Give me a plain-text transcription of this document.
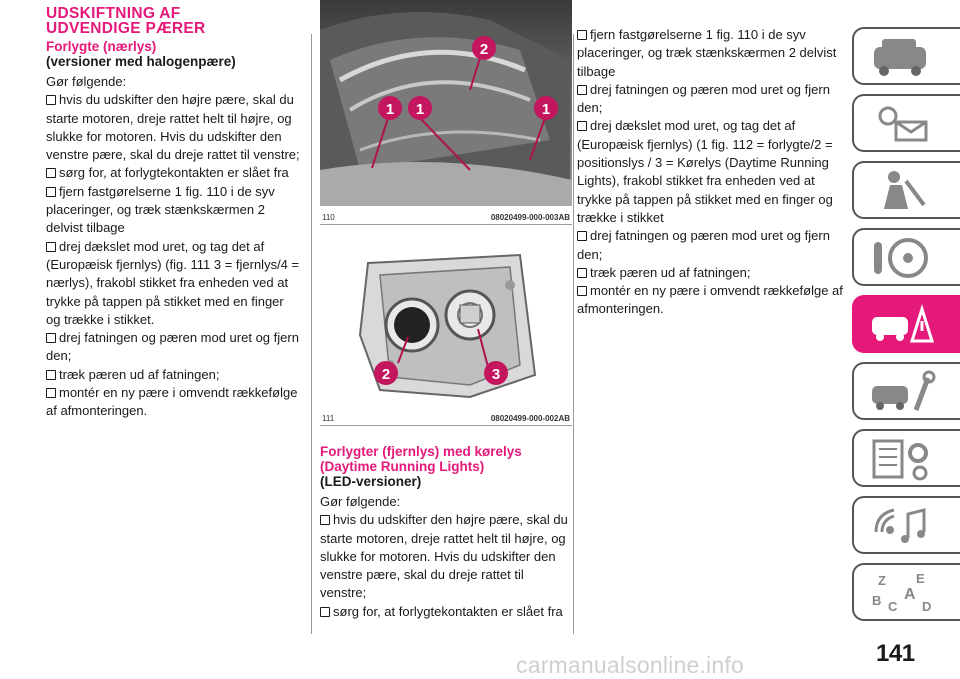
UDSKIFTNING AF
UDVENDIGE PÆRER
Forlygte (nærlys)
(versioner med halogenpære)

Gør følgende:

hvis du udskifter den højre pære, skal du starte motoren, dreje rattet helt til højre, og slukke for motoren. Hvis du udskifter den venstre pære, skal du dreje rattet til venstre;

sørg for, at forlygtekontakten er slået fra

fjern fastgørelserne 1 fig. 110 i de syv placeringer, og træk stænkskærmen 2 delvist tilbage

drej dækslet mod uret, og tag det af (Europæisk fjernlys) (fig. 111 3 = fjernlys/4 = nærlys), frakobl stikket fra enheden ved at trykke på tappen på stikket med en finger og trække i stikket.

drej fatningen og pæren mod uret og fjern den;

træk pæren ud af fatningen;

montér en ny pære i omvendt rækkefølge af afmonteringen.

2
1 1	1
110	08020499-000-003AB
2	3
111	08020499-000-002AB
Forlygter (fjernlys) med kørelys (Daytime Running Lights)
(LED-versioner)

Gør følgende:

hvis du udskifter den højre pære, skal du starte motoren, dreje rattet helt til højre, og slukke for motoren. Hvis du udskifter den venstre pære, skal du dreje rattet til venstre;

sørg for, at forlygtekontakten er slået fra

fjern fastgørelserne 1 fig. 110 i de syv placeringer, og træk stænkskærmen 2 delvist tilbage

drej fatningen og pæren mod uret og fjern den;

drej dækslet mod uret, og tag det af (Europæisk fjernlys) (1 fig. 112 = forlygte/2 = positionslys / 3 = Kørelys (Daytime Running Lights), frakobl stikket fra enheden ved at trykke på tappen på stikket med en finger og trække i stikket

drej fatningen og pæren mod uret og fjern den;

træk pæren ud af fatningen;

montér en ny pære i omvendt rækkefølge af afmonteringen.

Z E
A
B C D
141
carmanualsonline.info
